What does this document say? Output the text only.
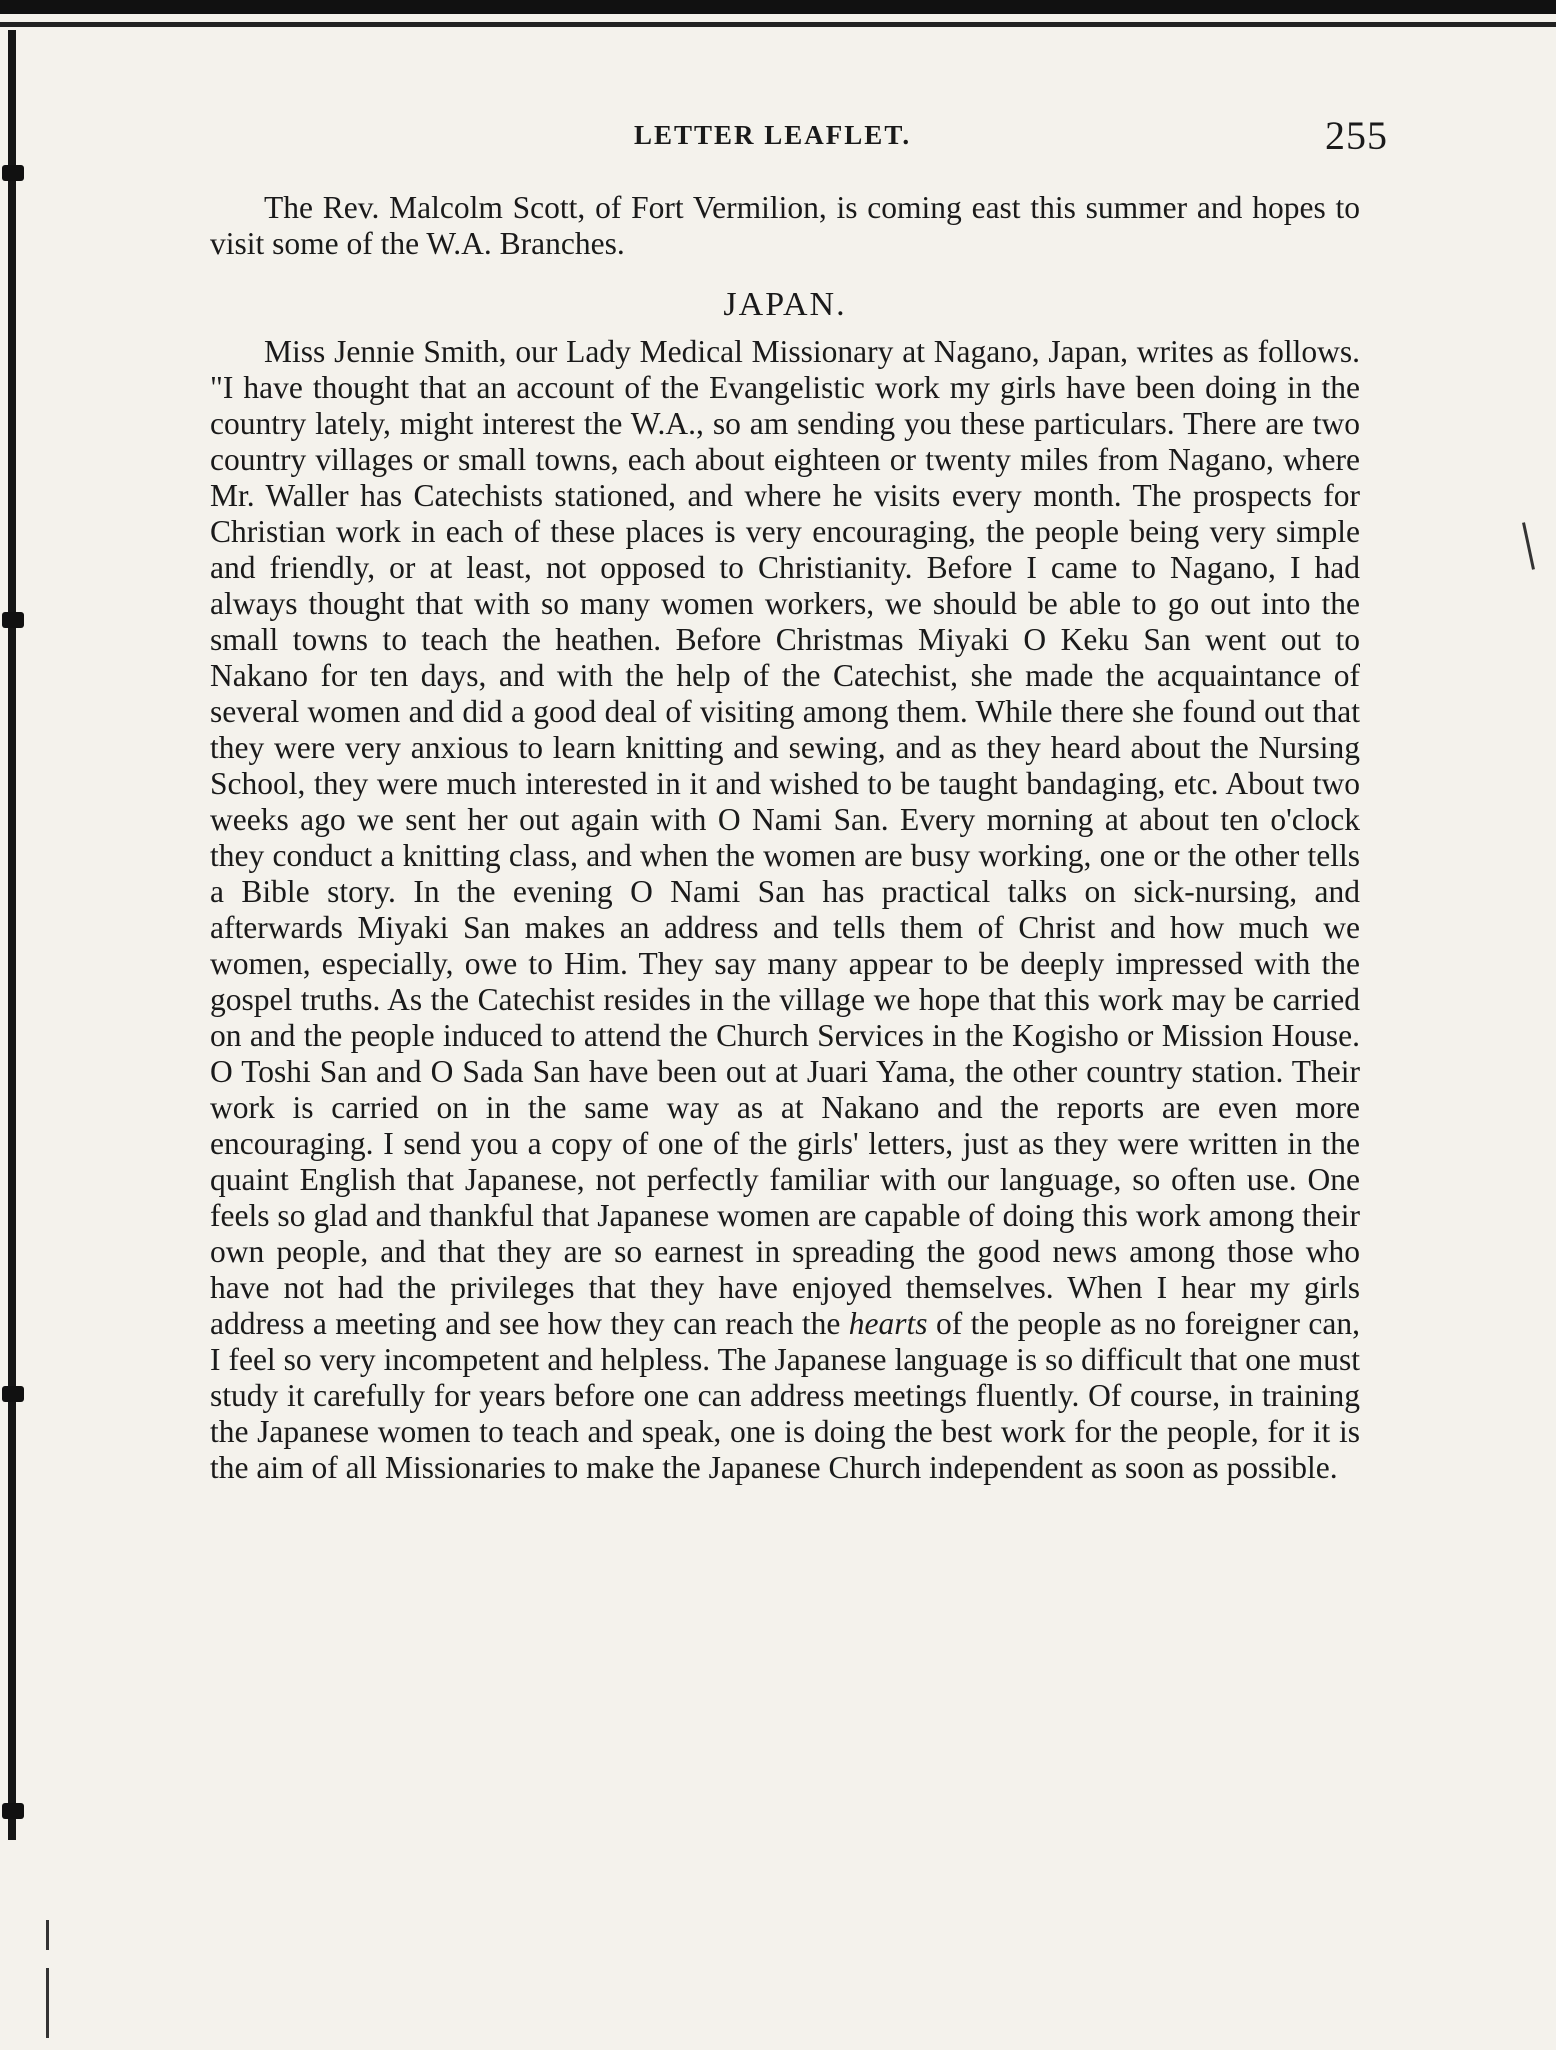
LETTER LEAFLET.	255
The Rev. Malcolm Scott, of Fort Vermilion, is coming east this summer and hopes to visit some of the W.A. Branches.
JAPAN.
Miss Jennie Smith, our Lady Medical Missionary at Nagano, Japan, writes as follows. "I have thought that an account of the Evangelistic work my girls have been doing in the country lately, might interest the W.A., so am sending you these particulars. There are two country villages or small towns, each about eighteen or twenty miles from Nagano, where Mr. Waller has Catechists stationed, and where he visits every month. The prospects for Christian work in each of these places is very encouraging, the people being very simple and friendly, or at least, not opposed to Christianity. Before I came to Nagano, I had always thought that with so many women workers, we should be able to go out into the small towns to teach the heathen. Before Christmas Miyaki O Keku San went out to Nakano for ten days, and with the help of the Catechist, she made the acquaintance of several women and did a good deal of visiting among them. While there she found out that they were very anxious to learn knitting and sewing, and as they heard about the Nursing School, they were much interested in it and wished to be taught bandaging, etc. About two weeks ago we sent her out again with O Nami San. Every morning at about ten o'clock they conduct a knitting class, and when the women are busy working, one or the other tells a Bible story. In the evening O Nami San has practical talks on sick-nursing, and afterwards Miyaki San makes an address and tells them of Christ and how much we women, especially, owe to Him. They say many appear to be deeply impressed with the gospel truths. As the Catechist resides in the village we hope that this work may be carried on and the people induced to attend the Church Services in the Kogisho or Mission House. O Toshi San and O Sada San have been out at Juari Yama, the other country station. Their work is carried on in the same way as at Nakano and the reports are even more encouraging. I send you a copy of one of the girls' letters, just as they were written in the quaint English that Japanese, not perfectly familiar with our language, so often use. One feels so glad and thankful that Japanese women are capable of doing this work among their own people, and that they are so earnest in spreading the good news among those who have not had the privileges that they have enjoyed themselves. When I hear my girls address a meeting and see how they can reach the hearts of the people as no foreigner can, I feel so very incompetent and helpless. The Japanese language is so difficult that one must study it carefully for years before one can address meetings fluently. Of course, in training the Japanese women to teach and speak, one is doing the best work for the people, for it is the aim of all Missionaries to make the Japanese Church independent as soon as possible.
